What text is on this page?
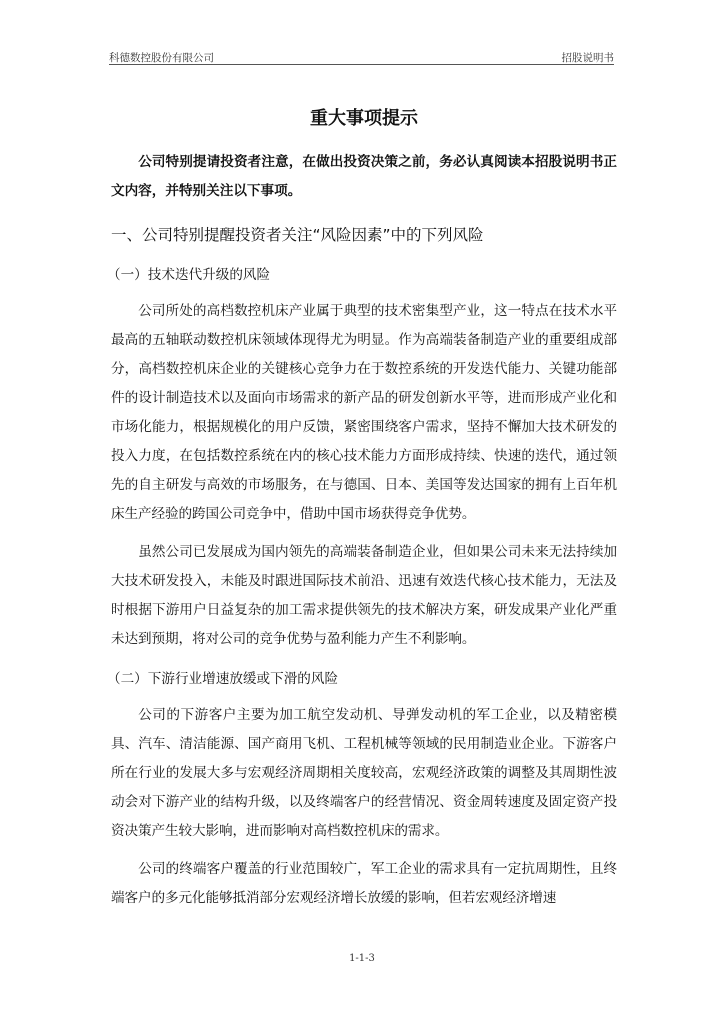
科德数控股份有限公司	招股说明书
重大事项提示

公司特别提请投资者注意，在做出投资决策之前，务必认真阅读本招股说明书正文内容，并特别关注以下事项。

一、公司特别提醒投资者关注“风险因素”中的下列风险
（一）技术迭代升级的风险

公司所处的高档数控机床产业属于典型的技术密集型产业，这一特点在技术水平最高的五轴联动数控机床领域体现得尤为明显。作为高端装备制造产业的重要组成部分，高档数控机床企业的关键核心竞争力在于数控系统的开发迭代能力、关键功能部件的设计制造技术以及面向市场需求的新产品的研发创新水平等，进而形成产业化和市场化能力，根据规模化的用户反馈，紧密围绕客户需求，坚持不懈加大技术研发的投入力度，在包括数控系统在内的核心技术能力方面形成持续、快速的迭代，通过领先的自主研发与高效的市场服务，在与德国、日本、美国等发达国家的拥有上百年机床生产经验的跨国公司竞争中，借助中国市场获得竞争优势。

虽然公司已发展成为国内领先的高端装备制造企业，但如果公司未来无法持续加大技术研发投入，未能及时跟进国际技术前沿、迅速有效迭代核心技术能力，无法及时根据下游用户日益复杂的加工需求提供领先的技术解决方案，研发成果产业化严重未达到预期，将对公司的竞争优势与盈利能力产生不利影响。

（二）下游行业增速放缓或下滑的风险

公司的下游客户主要为加工航空发动机、导弹发动机的军工企业，以及精密模具、汽车、清洁能源、国产商用飞机、工程机械等领域的民用制造业企业。下游客户所在行业的发展大多与宏观经济周期相关度较高，宏观经济政策的调整及其周期性波动会对下游产业的结构升级，以及终端客户的经营情况、资金周转速度及固定资产投资决策产生较大影响，进而影响对高档数控机床的需求。

公司的终端客户覆盖的行业范围较广，军工企业的需求具有一定抗周期性，且终端客户的多元化能够抵消部分宏观经济增长放缓的影响，但若宏观经济增速

1-1-3
